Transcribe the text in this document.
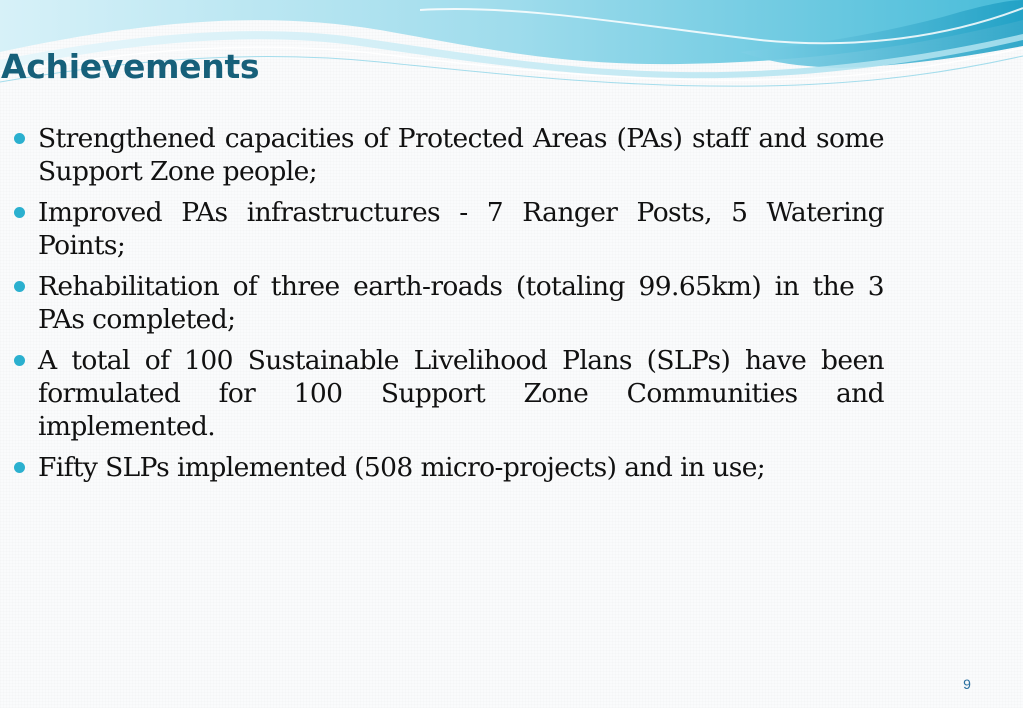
Achievements
Strengthened capacities of Protected Areas (PAs) staff and some Support Zone people;
Improved PAs infrastructures - 7 Ranger Posts, 5 Watering Points;
Rehabilitation of three earth-roads (totaling 99.65km) in the 3 PAs completed;
A total of 100 Sustainable Livelihood Plans (SLPs) have been formulated for 100 Support Zone Communities and implemented.
Fifty SLPs implemented (508 micro-projects) and in use;
9
